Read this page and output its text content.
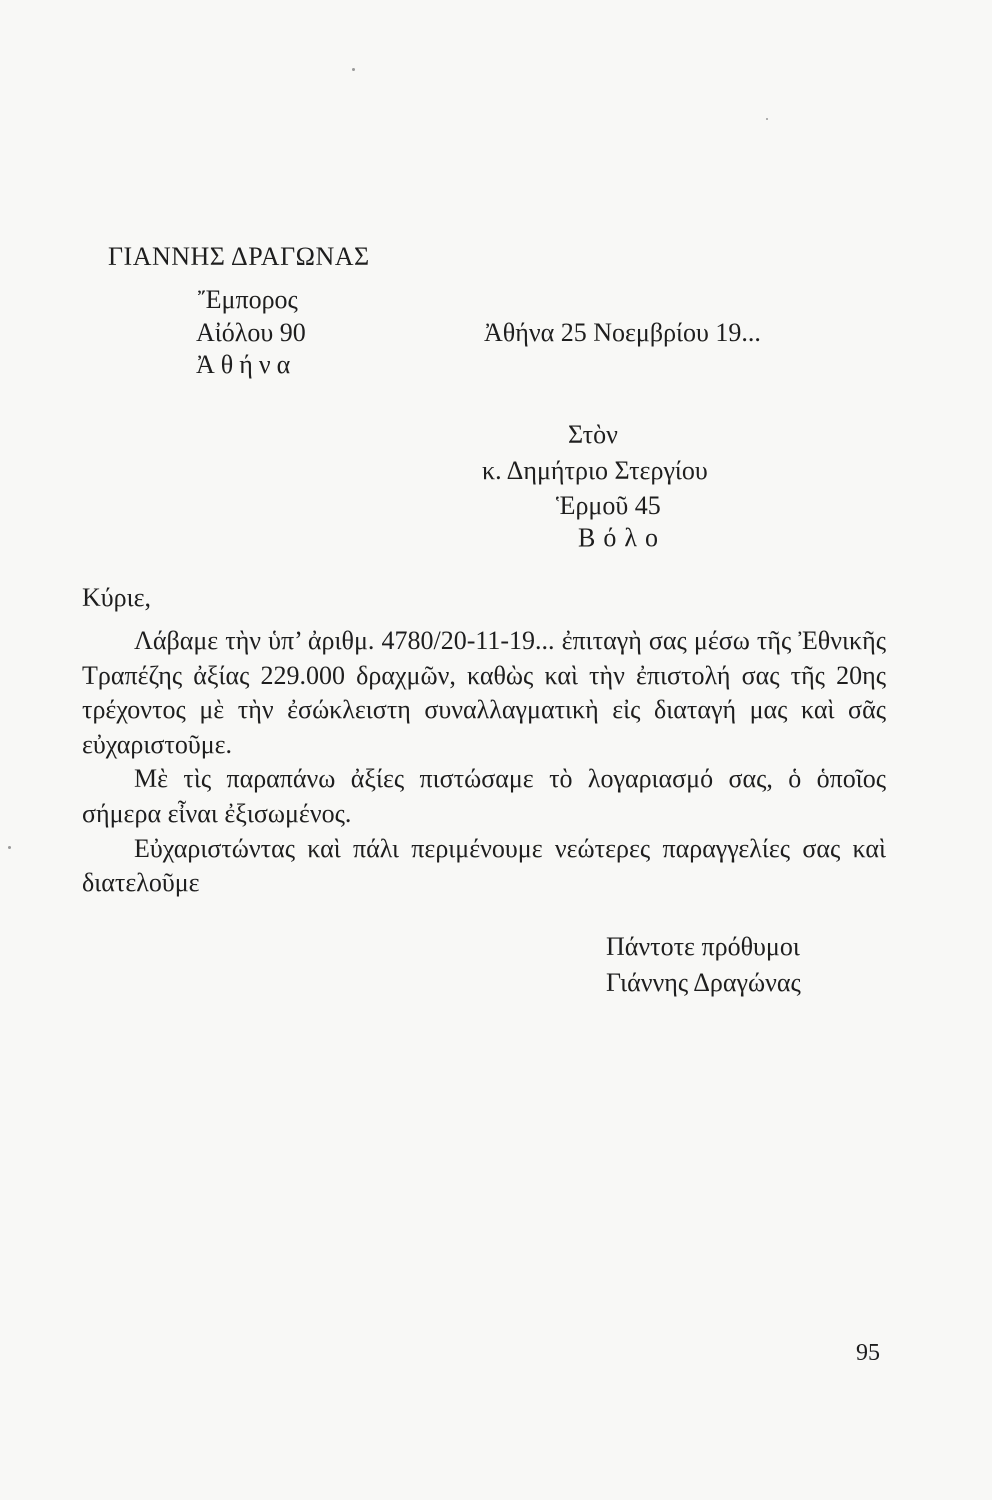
ΓΙΑΝΝΗΣ ΔΡΑΓΩΝΑΣ
Ἔμπορος
Αἰόλου 90
Ἀθήνα
Ἀθήνα 25 Νοεμβρίου 19...
Στὸν
κ. Δημήτριο Στεργίου
Ἑρμοῦ 45
Βόλο
Κύριε,

Λάβαμε τὴν ὑπ’ ἀριθμ. 4780/20-11-19... ἐπιταγὴ σας μέσω τῆς Ἐθνικῆς Τραπέζης ἀξίας 229.000 δραχμῶν, καθὼς καὶ τὴν ἐπιστολή σας τῆς 20ης τρέχοντος μὲ τὴν ἐσώκλειστη συναλλαγματικὴ εἰς διαταγή μας καὶ σᾶς εὐχαριστοῦμε.

Μὲ τὶς παραπάνω ἀξίες πιστώσαμε τὸ λογαριασμό σας, ὁ ὁποῖος σήμερα εἶναι ἐξισωμένος.

Εὐχαριστώντας καὶ πάλι περιμένουμε νεώτερες παραγγελίες σας καὶ διατελοῦμε

Πάντοτε πρόθυμοι
Γιάννης Δραγώνας
95
